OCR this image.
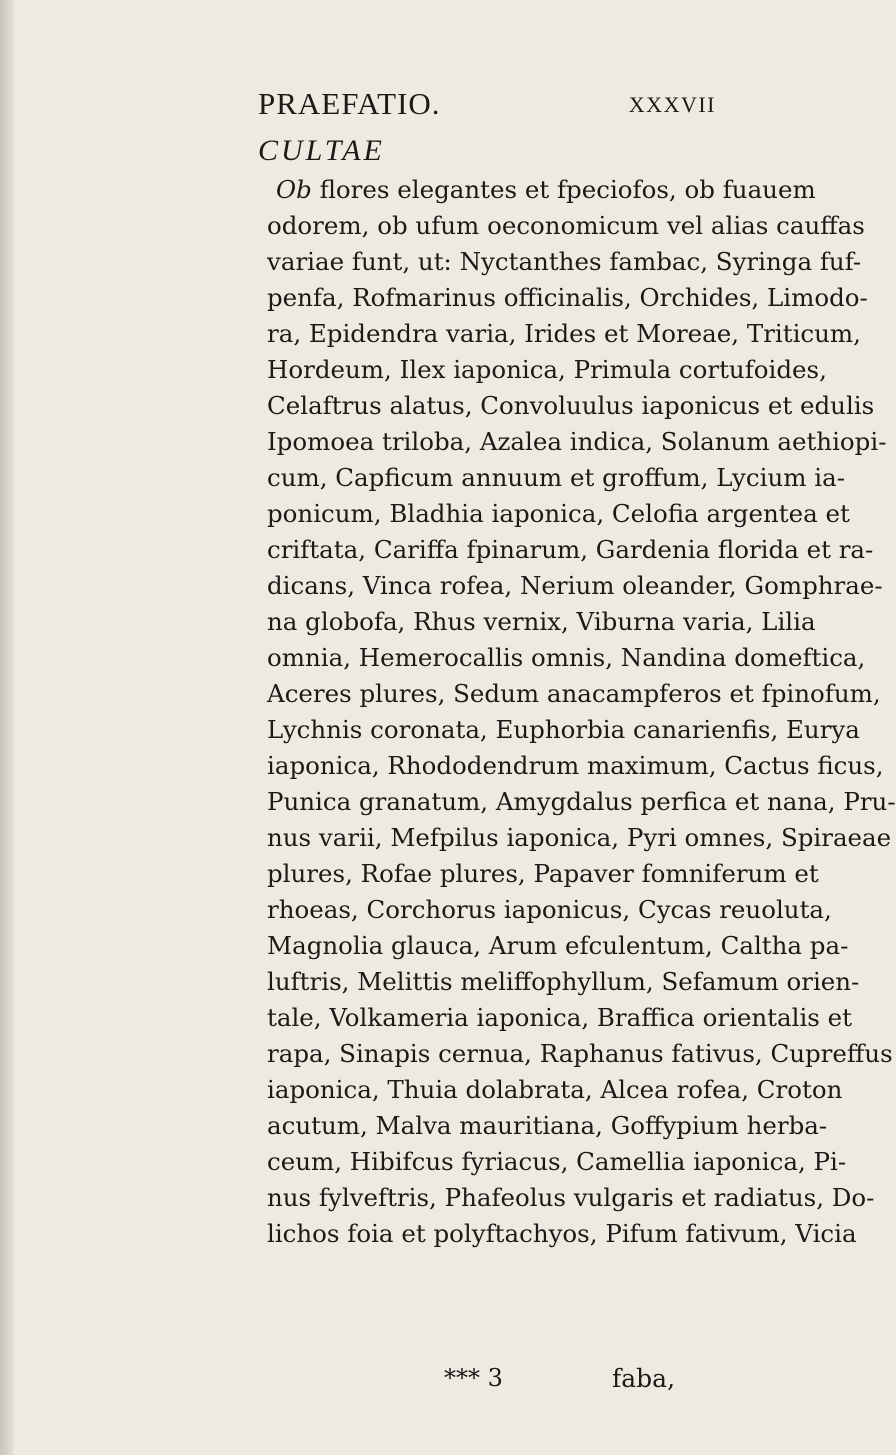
PRAEFATIO.	XXXVII
CULTAE
Ob flores elegantes et fpeciofos, ob fuauem
odorem, ob ufum oeconomicum vel alias cauffas
variae funt, ut: Nyctanthes fambac, Syringa fuf-
penfa, Rofmarinus officinalis, Orchides, Limodo-
ra, Epidendra varia, Irides et Moreae, Triticum,
Hordeum, Ilex iaponica, Primula cortufoides,
Celaftrus alatus, Convoluulus iaponicus et edulis
Ipomoea triloba, Azalea indica, Solanum aethiopi-
cum, Capficum annuum et groffum, Lycium ia-
ponicum, Bladhia iaponica, Celofia argentea et
criftata, Cariffa fpinarum, Gardenia florida et ra-
dicans, Vinca rofea, Nerium oleander, Gomphrae-
na globofa, Rhus vernix, Viburna varia, Lilia
omnia, Hemerocallis omnis, Nandina domeftica,
Aceres plures, Sedum anacampferos et fpinofum,
Lychnis coronata, Euphorbia canarienfis, Eurya
iaponica, Rhododendrum maximum, Cactus ficus,
Punica granatum, Amygdalus perfica et nana, Pru-
nus varii, Mefpilus iaponica, Pyri omnes, Spiraeae
plures, Rofae plures, Papaver fomniferum et
rhoeas, Corchorus iaponicus, Cycas reuoluta,
Magnolia glauca, Arum efculentum, Caltha pa-
luftris, Melittis meliffophyllum, Sefamum orien-
tale, Volkameria iaponica, Braffica orientalis et
rapa, Sinapis cernua, Raphanus fativus, Cupreffus
iaponica, Thuia dolabrata, Alcea rofea, Croton
acutum, Malva mauritiana, Goffypium herba-
ceum, Hibifcus fyriacus, Camellia iaponica, Pi-
nus fylveftris, Phafeolus vulgaris et radiatus, Do-
lichos foia et polyftachyos, Pifum fativum, Vicia
*** 3	faba,
